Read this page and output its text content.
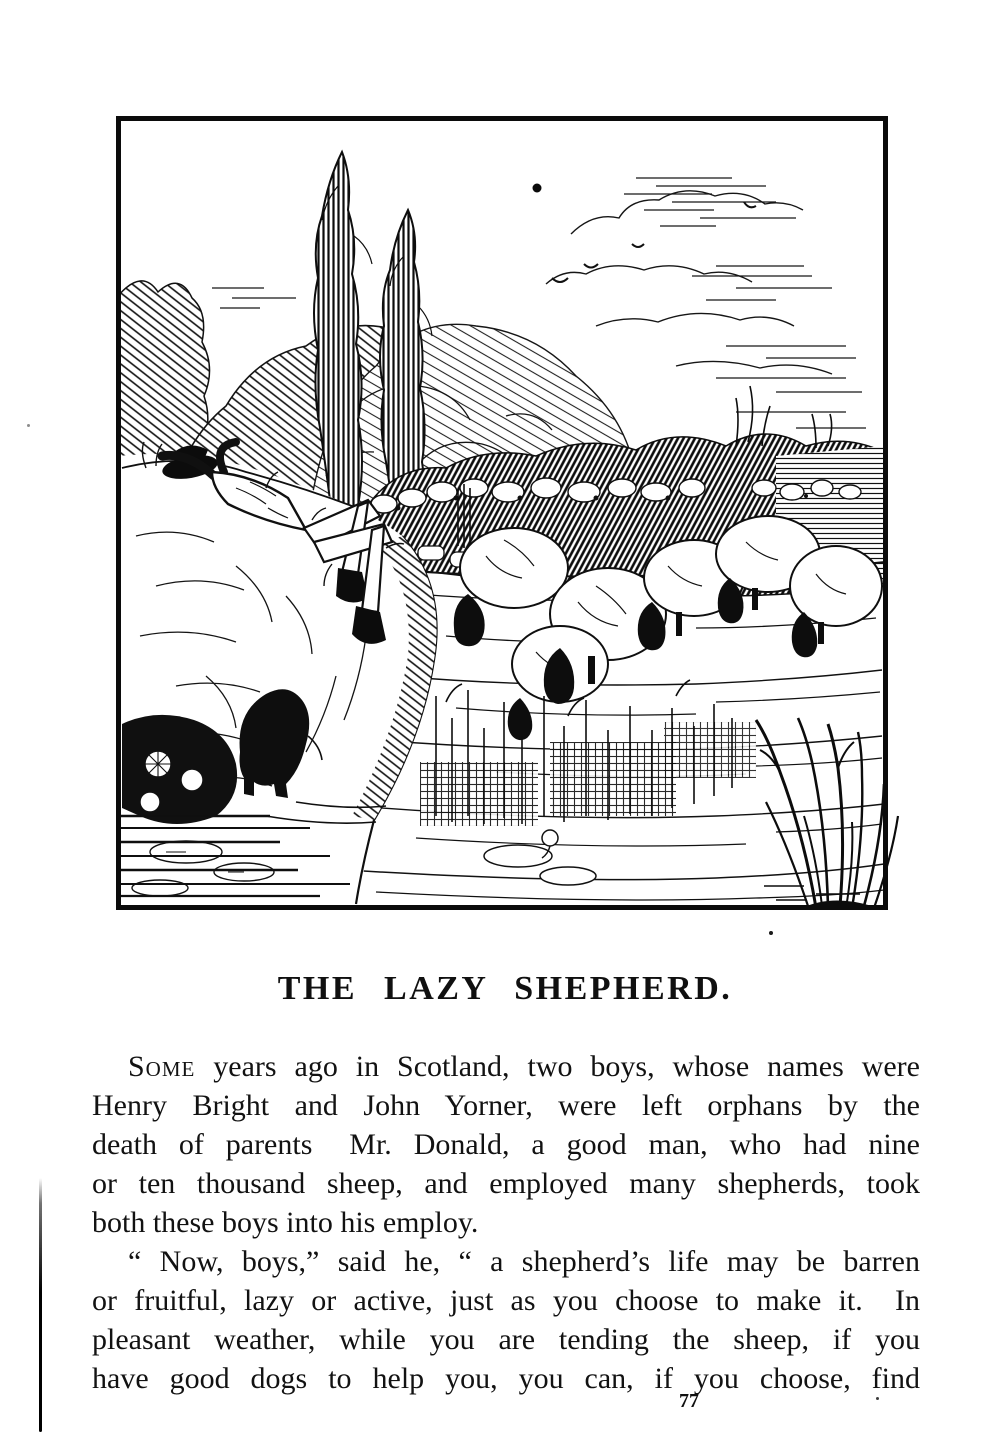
THE LAZY SHEPHERD.
Some years ago in Scotland, two boys, whose names were
Henry Bright and John Yorner, were left orphans by the
death of parents  Mr. Donald, a good man, who had nine
or ten thousand sheep, and employed many shepherds, took
both these boys into his employ.
“ Now, boys,” said he, “ a shepherd’s life may be barren
or fruitful, lazy or active, just as you choose to make it.  In
pleasant weather, while you are tending the sheep, if you
have good dogs to help you, you can, if you choose, find
77
